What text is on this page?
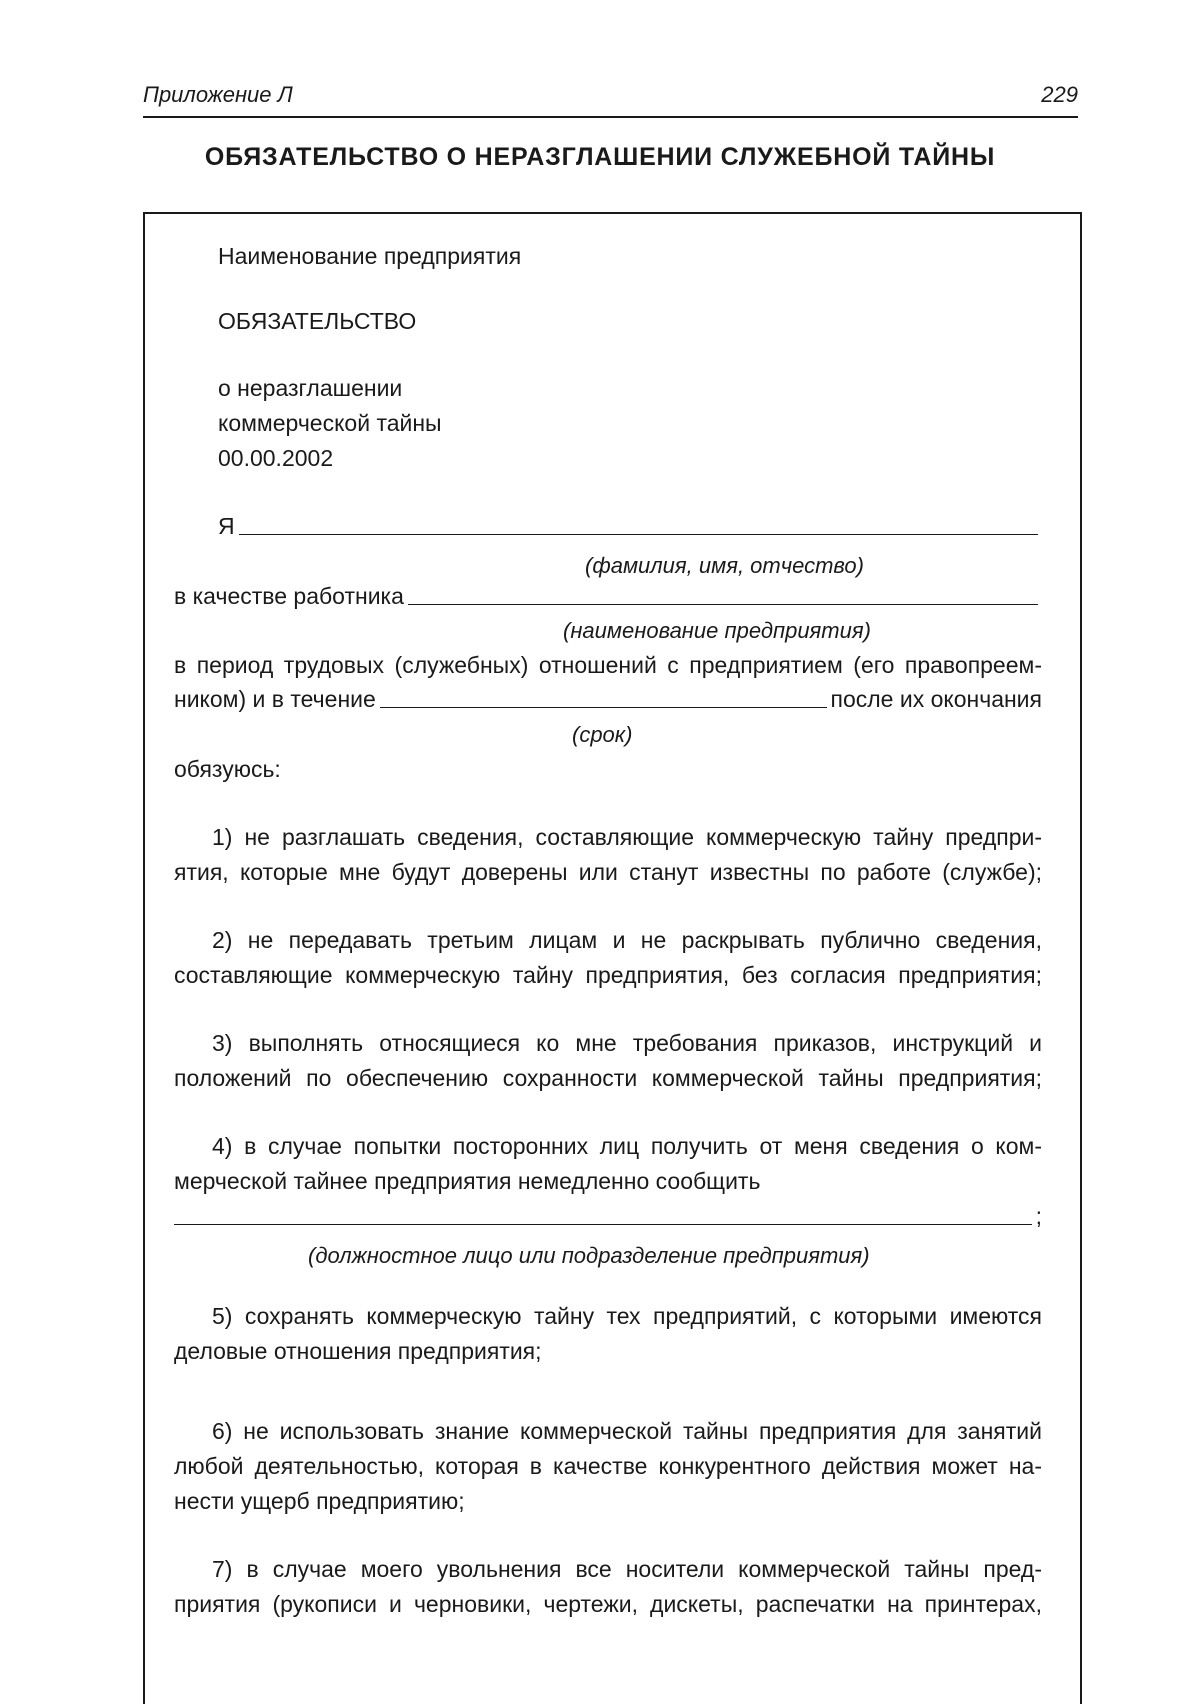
Приложение Л	229
ОБЯЗАТЕЛЬСТВО О НЕРАЗГЛАШЕНИИ СЛУЖЕБНОЙ ТАЙНЫ
Наименование предприятия
ОБЯЗАТЕЛЬСТВО
о неразглашении
коммерческой тайны
00.00.2002
Я
(фамилия, имя, отчество)
в качестве работника
(наименование предприятия)
в период трудовых (служебных) отношений с предприятием (его правопреем-
ником) и в течение	после их окончания
(срок)
обязуюсь:
1) не разглашать сведения, составляющие коммерческую тайну предпри-
ятия, которые мне будут доверены или станут известны по работе (службе);
2) не передавать третьим лицам и не раскрывать публично сведения,
составляющие коммерческую тайну предприятия, без согласия предприятия;
3) выполнять относящиеся ко мне требования приказов, инструкций и
положений по обеспечению сохранности коммерческой тайны предприятия;
4) в случае попытки посторонних лиц получить от меня сведения о ком-
мерческой тайнее предприятия немедленно сообщить
;
(должностное лицо или подразделение предприятия)
5) сохранять коммерческую тайну тех предприятий, с которыми имеются
деловые отношения предприятия;
6) не использовать знание коммерческой тайны предприятия для занятий
любой деятельностью, которая в качестве конкурентного действия может на-
нести ущерб предприятию;
7) в случае моего увольнения все носители коммерческой тайны пред-
приятия (рукописи и черновики, чертежи, дискеты, распечатки на принтерах,
